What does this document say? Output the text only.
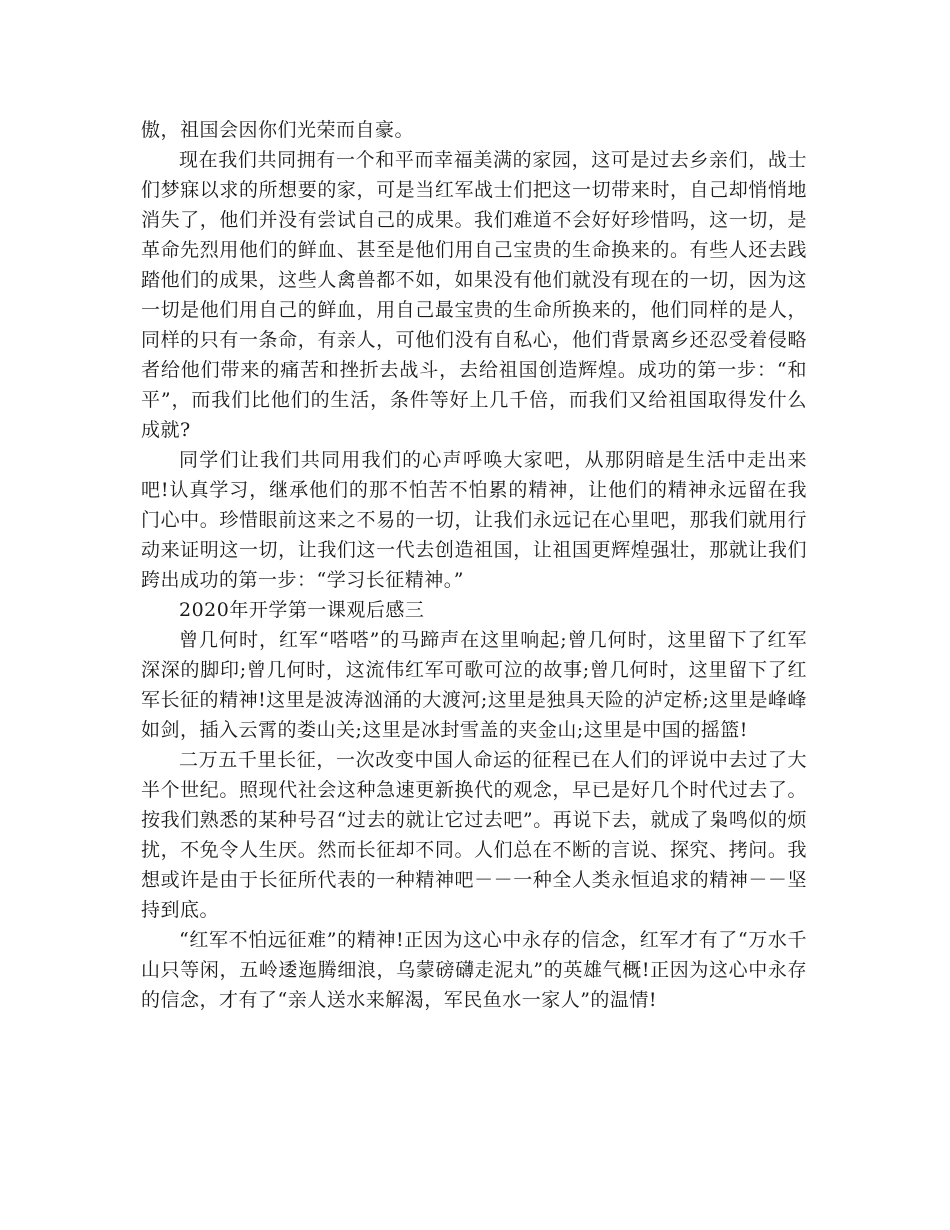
傲，祖国会因你们光荣而自豪。

现在我们共同拥有一个和平而幸福美满的家园，这可是过去乡亲们，战士们梦寐以求的所想要的家，可是当红军战士们把这一切带来时，自己却悄悄地消失了，他们并没有尝试自己的成果。我们难道不会好好珍惜吗，这一切，是革命先烈用他们的鲜血、甚至是他们用自己宝贵的生命换来的。有些人还去践踏他们的成果，这些人禽兽都不如，如果没有他们就没有现在的一切，因为这一切是他们用自己的鲜血，用自己最宝贵的生命所换来的，他们同样的是人，同样的只有一条命，有亲人，可他们没有自私心，他们背景离乡还忍受着侵略者给他们带来的痛苦和挫折去战斗，去给祖国创造辉煌。成功的第一步：“和平”，而我们比他们的生活，条件等好上几千倍，而我们又给祖国取得发什么成就?

同学们让我们共同用我们的心声呼唤大家吧，从那阴暗是生活中走出来吧!认真学习，继承他们的那不怕苦不怕累的精神，让他们的精神永远留在我门心中。珍惜眼前这来之不易的一切，让我们永远记在心里吧，那我们就用行动来证明这一切，让我们这一代去创造祖国，让祖国更辉煌强壮，那就让我们跨出成功的第一步：“学习长征精神。”

2020年开学第一课观后感三

曾几何时，红军“嗒嗒”的马蹄声在这里响起;曾几何时，这里留下了红军深深的脚印;曾几何时，这流伟红军可歌可泣的故事;曾几何时，这里留下了红军长征的精神!这里是波涛汹涌的大渡河;这里是独具天险的泸定桥;这里是峰峰如剑，插入云霄的娄山关;这里是冰封雪盖的夹金山;这里是中国的摇篮!

二万五千里长征，一次改变中国人命运的征程已在人们的评说中去过了大半个世纪。照现代社会这种急速更新换代的观念，早已是好几个时代过去了。按我们熟悉的某种号召“过去的就让它过去吧”。再说下去，就成了枭鸣似的烦扰，不免令人生厌。然而长征却不同。人们总在不断的言说、探究、拷问。我想或许是由于长征所代表的一种精神吧－－一种全人类永恒追求的精神－－坚持到底。

“红军不怕远征难”的精神!正因为这心中永存的信念，红军才有了“万水千山只等闲，五岭逶迤腾细浪，乌蒙磅礴走泥丸”的英雄气概!正因为这心中永存的信念，才有了“亲人送水来解渴，军民鱼水一家人”的温情!
